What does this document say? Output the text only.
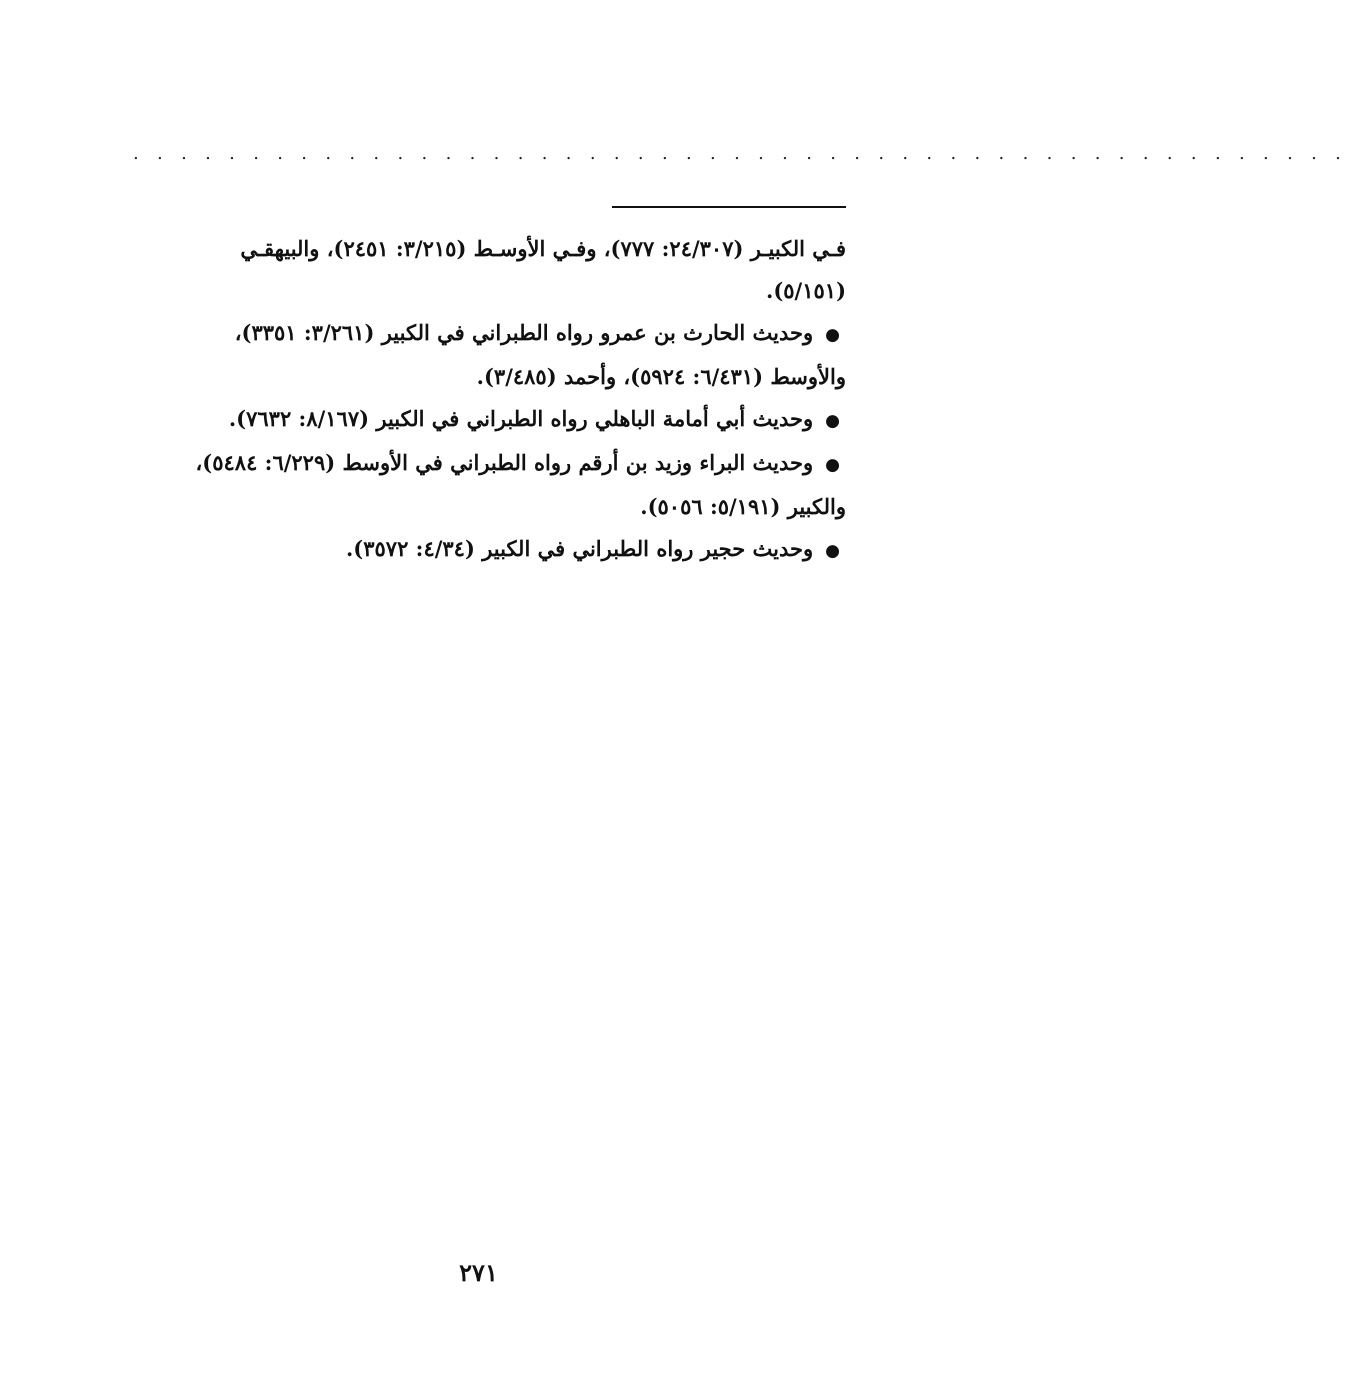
. . . . . . . . . . . . . . . . . . . . . . . . . . . . . . . . . . . . . . . . . . . . . . . . . . .

فـي الكبيـر (٢٤/٣٠٧: ٧٧٧)، وفـي الأوسـط (٣/٢١٥: ٢٤٥١)، والبيهقـي

(٥/١٥١).

●وحديث الحارث بن عمرو رواه الطبراني في الكبير (٣/٢٦١: ٣٣٥١)،

والأوسط (٦/٤٣١: ٥٩٢٤)، وأحمد (٣/٤٨٥).

●وحديث أبي أمامة الباهلي رواه الطبراني في الكبير (٨/١٦٧: ٧٦٣٢).

●وحديث البراء وزيد بن أرقم رواه الطبراني في الأوسط (٦/٢٢٩: ٥٤٨٤)،

والكبير (٥/١٩١: ٥٠٥٦).

●وحديث حجير رواه الطبراني في الكبير (٤/٣٤: ٣٥٧٢).

٢٧١
